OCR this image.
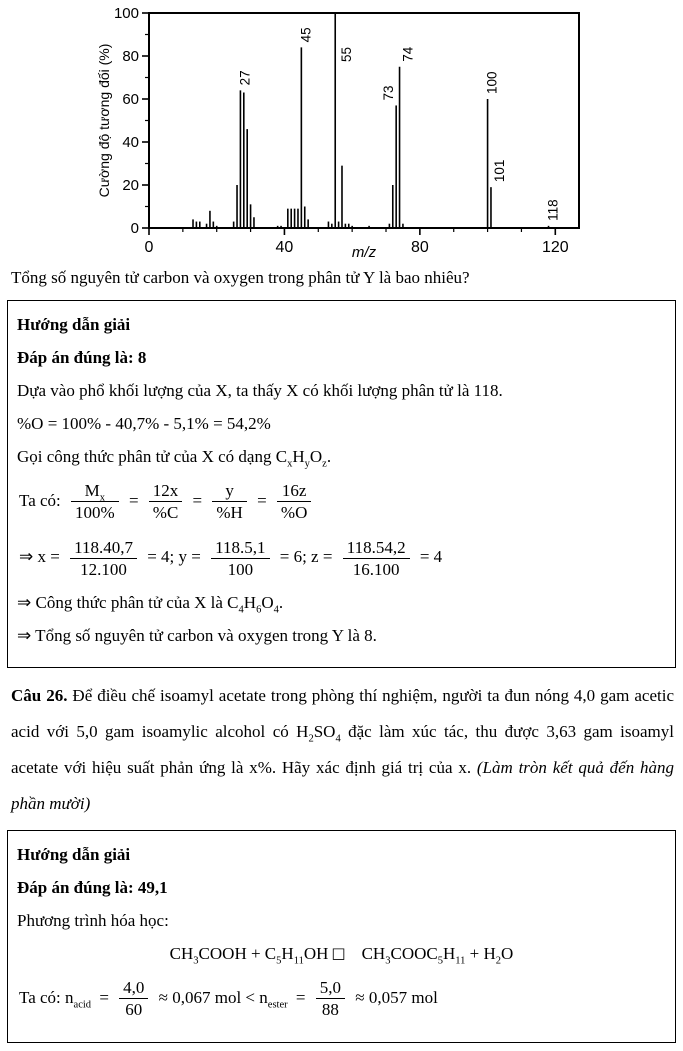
0	40	80	120
0
20
40
60
80
100
27
45
55
73
74
100
101
118
m/z
Cường độ tương đối (%)

Tổng số nguyên tử carbon và oxygen trong phân tử Y là bao nhiêu?

Hướng dẫn giải

Đáp án đúng là: 8

Dựa vào phổ khối lượng của X, ta thấy X có khối lượng phân tử là 118.

%O = 100% - 40,7% - 5,1% = 54,2%

Gọi công thức phân tử của X có dạng $C_xH_yO_z$.

Ta có: $\frac{M_x}{100\%} = \frac{12x}{\%C} = \frac{y}{\%H} = \frac{16z}{\%O}$

⇒ $x = \frac{118.40,7}{12.100} = 4$; $y = \frac{118.5,1}{100} = 6$; $z = \frac{118.54,2}{16.100} = 4$

⇒ Công thức phân tử của X là $C_4H_6O_4$.

⇒ Tổng số nguyên tử carbon và oxygen trong Y là 8.

Câu 26. Để điều chế isoamyl acetate trong phòng thí nghiệm, người ta đun nóng 4,0 gam acetic acid với 5,0 gam isoamylic alcohol có $H_2SO_4$ đặc làm xúc tác, thu được 3,63 gam isoamyl acetate với hiệu suất phản ứng là x%. Hãy xác định giá trị của x. (Làm tròn kết quả đến hàng phần mười)

Hướng dẫn giải

Đáp án đúng là: 49,1

Phương trình hóa học:

$CH_3COOH + C_5H_{11}OH$ □ $CH_3COOC_5H_{11} + H_2O$

Ta có: $n_{acid} = \frac{4,0}{60} \approx 0,067$ mol < $n_{ester} = \frac{5,0}{88} \approx 0,057$ mol
